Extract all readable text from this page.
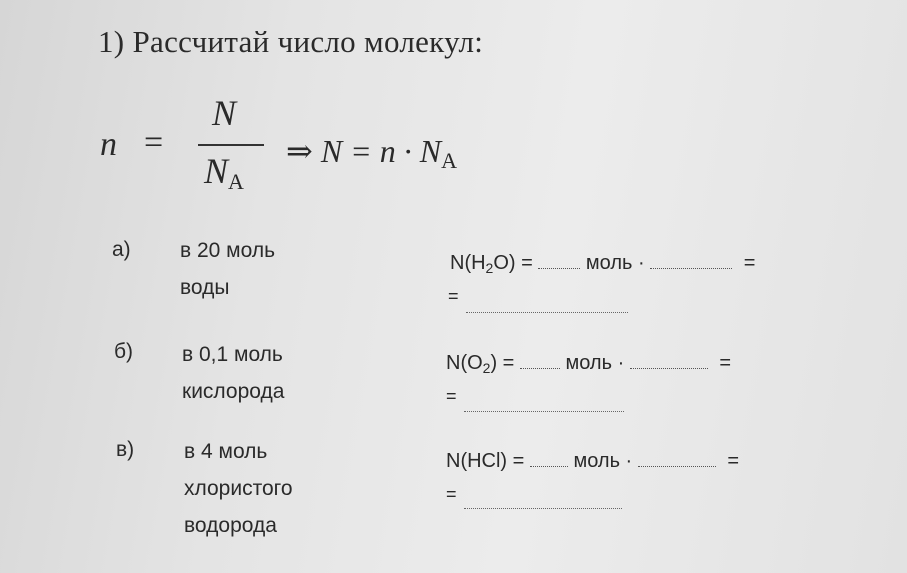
1) Рассчитай число молекул:
n =
N
$N_A$
⇒ $N = n \cdot N_A$
а) в 20 моль
воды
$N(H_2O)$ =	моль ·	=
=
б) в 0,1 моль
кислорода
$N(O_2)$ =	моль ·	=
=
в) в 4 моль
хлористого
водорода
N(HCl) = моль ·	=
=
